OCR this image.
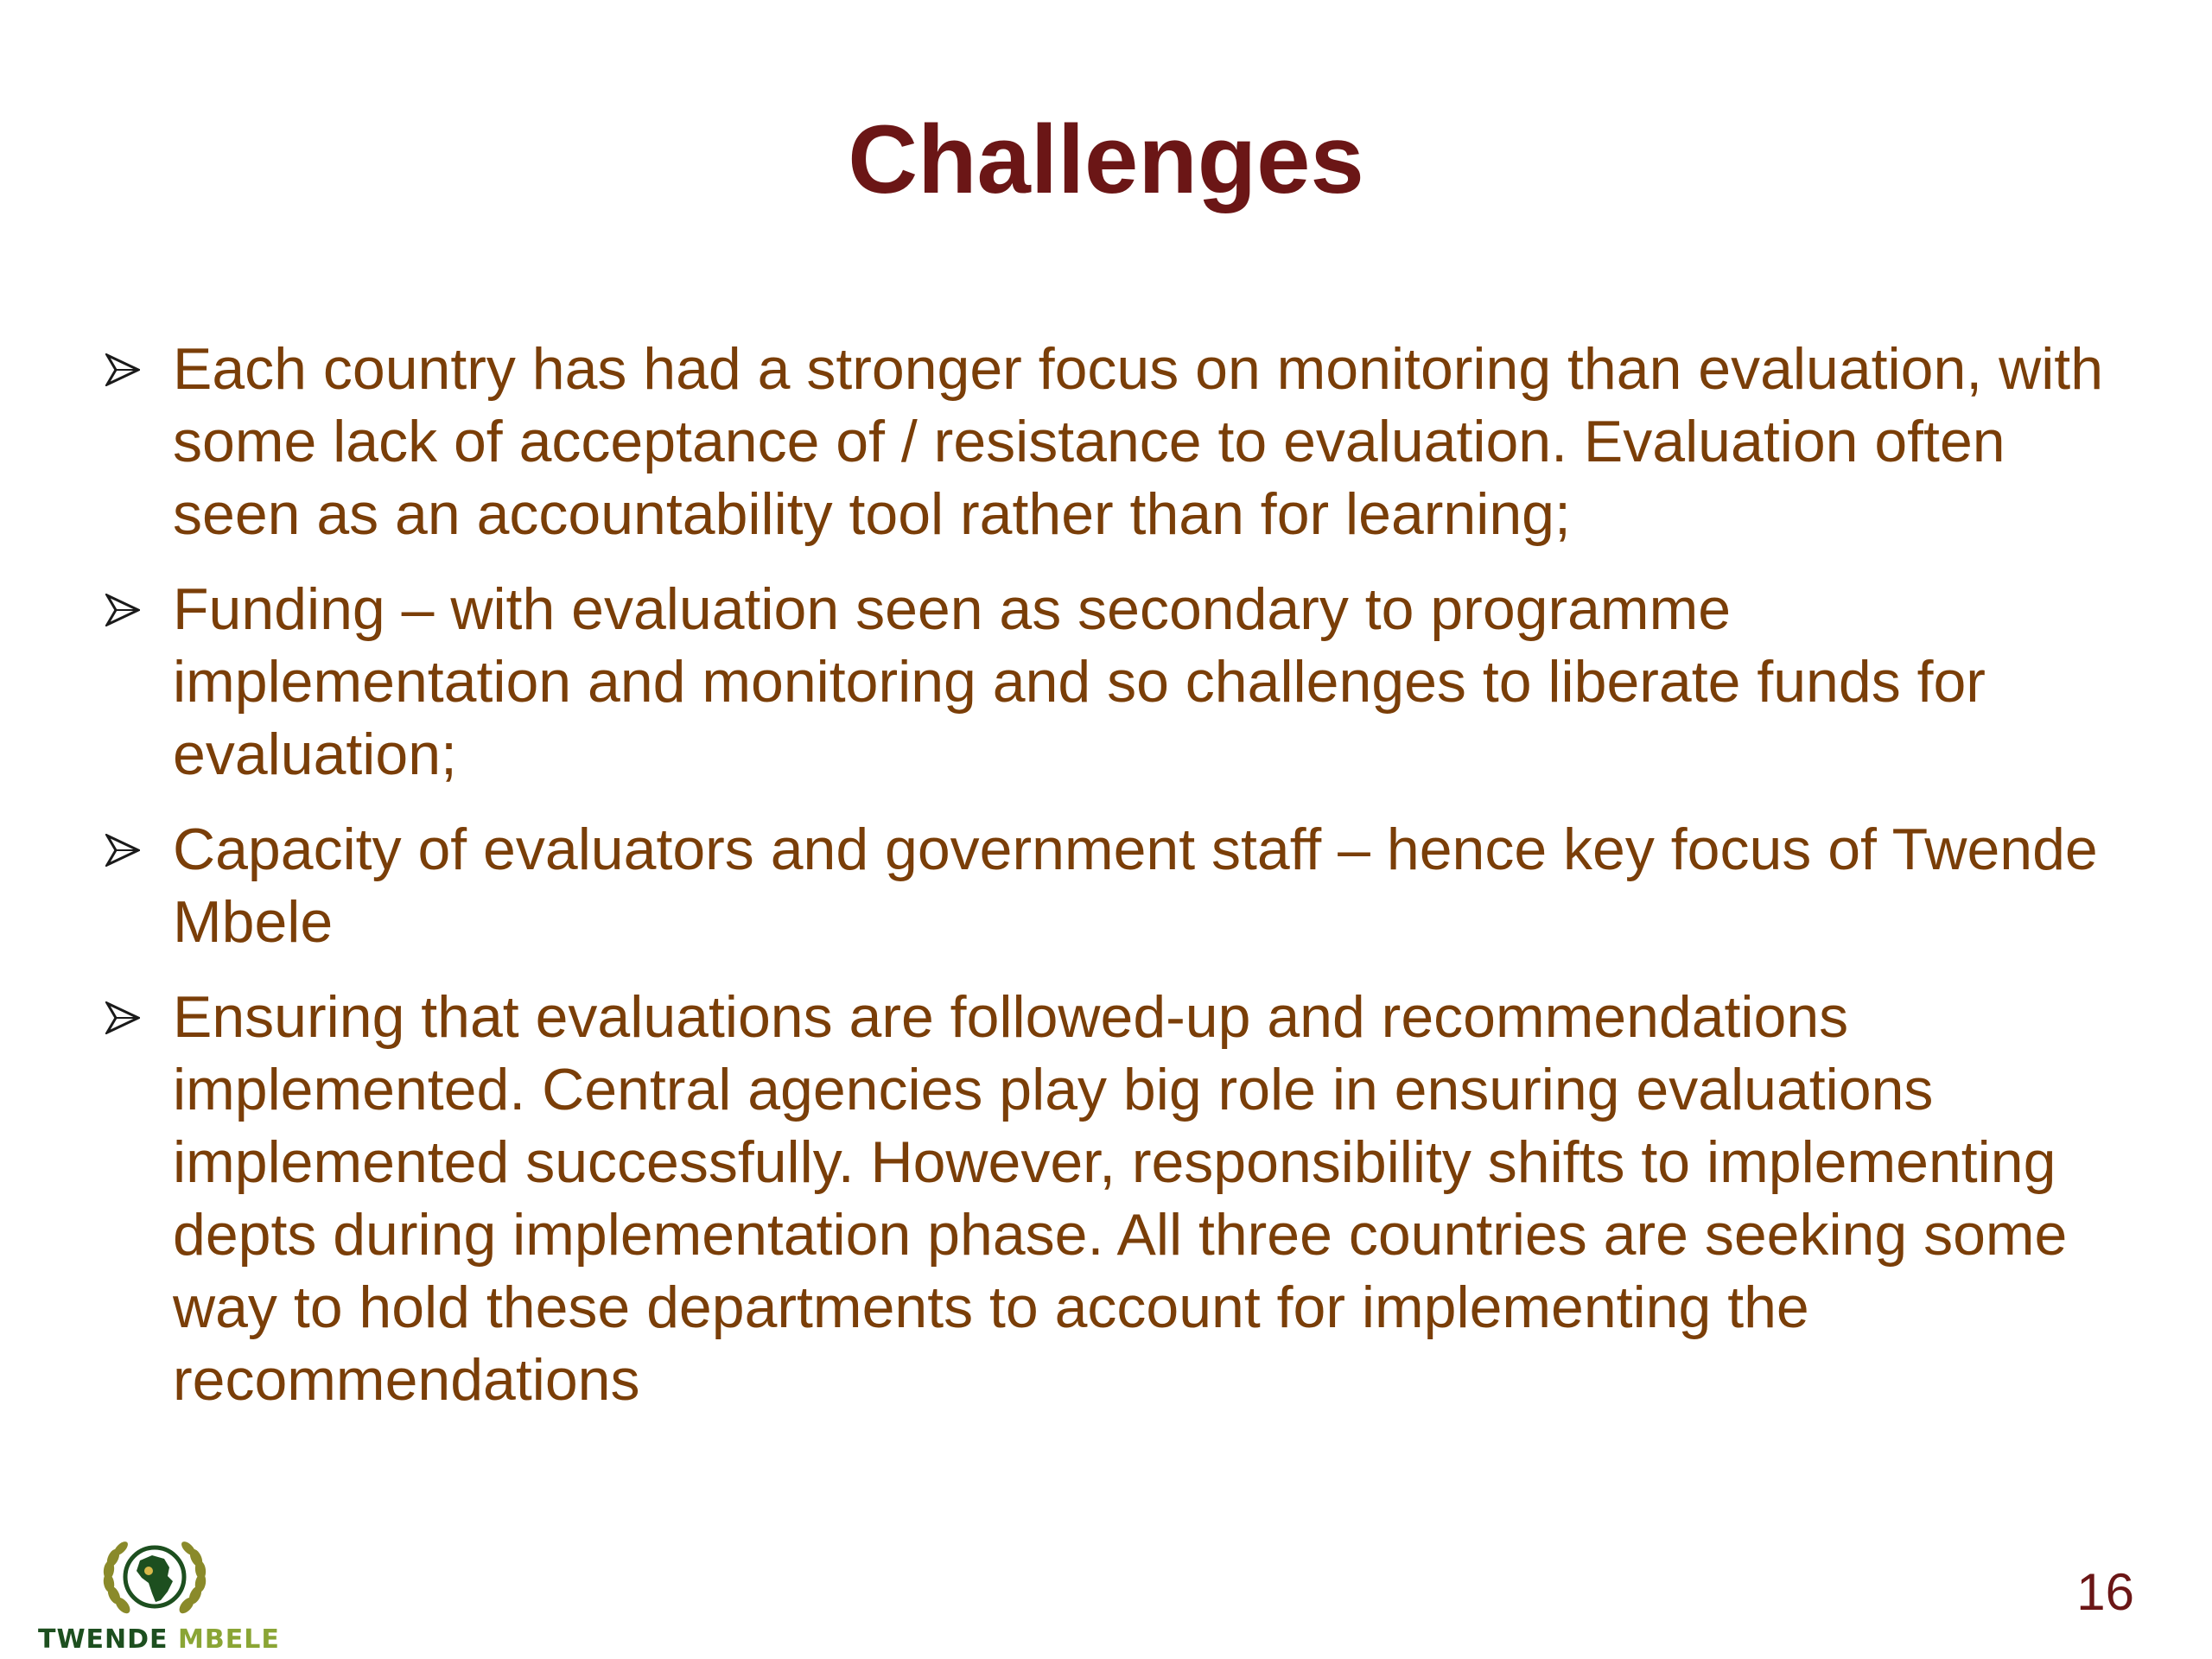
Challenges
Each country has had a stronger focus on monitoring than evaluation, with some lack of acceptance of / resistance to evaluation. Evaluation often seen as an accountability tool rather than for learning;
Funding – with evaluation seen as secondary to programme implementation and monitoring and so challenges to liberate funds for evaluation;
Capacity of evaluators and government staff – hence key focus of Twende Mbele
Ensuring that evaluations are followed-up and recommendations implemented. Central agencies play big role in ensuring evaluations implemented successfully. However, responsibility shifts to implementing depts during implementation phase. All three countries are seeking some way to hold these departments to account for implementing the recommendations
TWENDE MBELE
16
